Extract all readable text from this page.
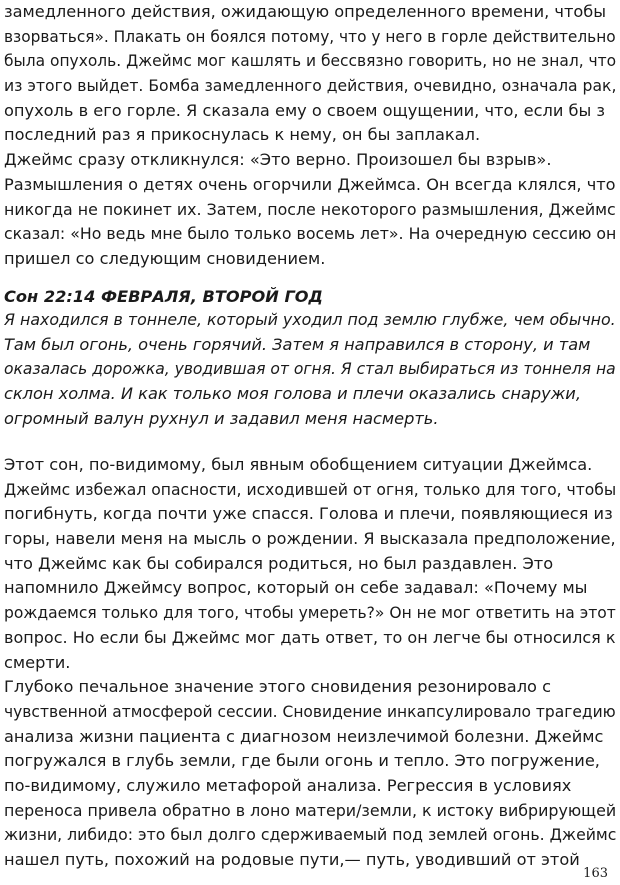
замедленного действия, ожидающую определенного времени, чтобы
взорваться». Плакать он боялся потому, что у него в горле действительно
была опухоль. Джеймс мог кашлять и бессвязно говорить, но не знал, что
из этого выйдет. Бомба замедленного действия, очевидно, означала рак,
опухоль в его горле. Я сказала ему о своем ощущении, что, если бы з
последний раз я прикоснулась к нему, он бы заплакал.
Джеймс сразу откликнулся: «Это верно. Произошел бы взрыв».
Размышления о детях очень огорчили Джеймса. Он всегда клялся, что
никогда не покинет их. Затем, после некоторого размышления, Джеймс
сказал: «Но ведь мне было только восемь лет». На очередную сессию он
пришел со следующим сновидением.
Сон 22:14 ФЕВРАЛЯ, ВТОРОЙ ГОД
Я находился в тоннеле, который уходил под землю глубже, чем обычно.
Там был огонь, очень горячий. Затем я направился в сторону, и там
оказалась дорожка, уводившая от огня. Я стал выбираться из тоннеля на
склон холма. И как только моя голова и плечи оказались снаружи,
огромный валун рухнул и задавил меня насмерть.
Этот сон, по-видимому, был явным обобщением ситуации Джеймса.
Джеймс избежал опасности, исходившей от огня, только для того, чтобы
погибнуть, когда почти уже спасся. Голова и плечи, появляющиеся из
горы, навели меня на мысль о рождении. Я высказала предположение,
что Джеймс как бы собирался родиться, но был раздавлен. Это
напомнило Джеймсу вопрос, который он себе задавал: «Почему мы
рождаемся только для того, чтобы умереть?» Он не мог ответить на этот
вопрос. Но если бы Джеймс мог дать ответ, то он легче бы относился к
смерти.
Глубоко печальное значение этого сновидения резонировало с
чувственной атмосферой сессии. Сновидение инкапсулировало трагедию
анализа жизни пациента с диагнозом неизлечимой болезни. Джеймс
погружался в глубь земли, где были огонь и тепло. Это погружение,
по-видимому, служило метафорой анализа. Регрессия в условиях
переноса привела обратно в лоно матери/земли, к истоку вибрирующей
жизни, либидо: это был долго сдерживаемый под землей огонь. Джеймс
нашел путь, похожий на родовые пути,— путь, уводивший от этой
163
